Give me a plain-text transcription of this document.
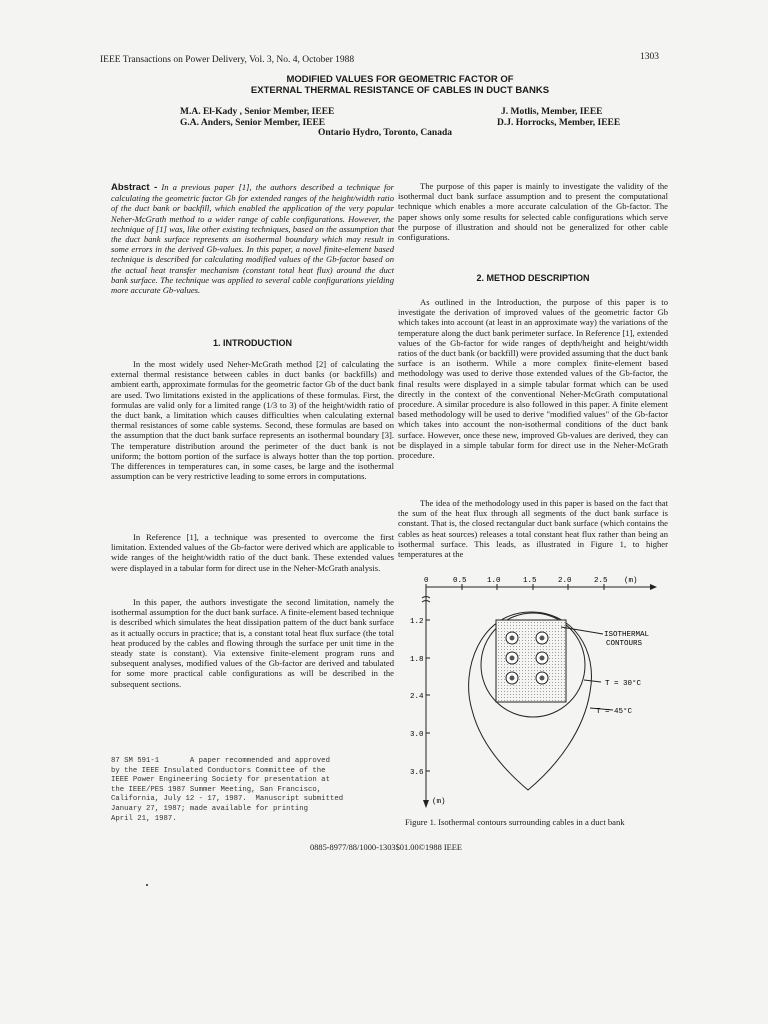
IEEE Transactions on Power Delivery, Vol. 3, No. 4, October 1988	1303
MODIFIED VALUES FOR GEOMETRIC FACTOR OF
EXTERNAL THERMAL RESISTANCE OF CABLES IN DUCT BANKS
M.A. El-Kady , Senior Member, IEEE
G.A. Anders, Senior Member, IEEE
J. Motlis, Member, IEEE
D.J. Horrocks, Member, IEEE
Ontario Hydro, Toronto, Canada
Abstract - In a previous paper [1], the authors described a technique for calculating the geometric factor Gb for extended ranges of the height/width ratio of the duct bank or backfill, which enabled the application of the very popular Neher-McGrath method to a wider range of cable configurations. However, the technique of [1] was, like other existing techniques, based on the assumption that the duct bank surface represents an isothermal boundary which may result in some errors in the derived Gb-values. In this paper, a novel finite-element based technique is described for calculating modified values of the Gb-factor based on the actual heat transfer mechanism (constant total heat flux) around the duct bank surface. The technique was applied to several cable configurations yielding more accurate Gb-values.
1. INTRODUCTION
In the most widely used Neher-McGrath method [2] of calculating the external thermal resistance between cables in duct banks (or backfills) and ambient earth, approximate formulas for the geometric factor Gb of the duct bank are used. Two limitations existed in the applications of these formulas. First, the formulas are valid only for a limited range (1/3 to 3) of the height/width ratio of the duct bank, a limitation which causes difficulties when calculating external thermal resistances of some cable systems. Second, these formulas are based on the assumption that the duct bank surface represents an isothermal boundary [3]. The temperature distribution around the perimeter of the duct bank is not uniform; the bottom portion of the surface is always hotter than the top portion. The differences in temperatures can, in some cases, be large and the isothermal assumption can be very restrictive leading to some errors in computations.
In Reference [1], a technique was presented to overcome the first limitation. Extended values of the Gb-factor were derived which are applicable to wide ranges of the height/width ratio of the duct bank. These extended values were displayed in a tabular form for direct use in the Neher-McGrath analysis.
In this paper, the authors investigate the second limitation, namely the isothermal assumption for the duct bank surface. A finite-element based technique is described which simulates the heat dissipation pattern of the duct bank surface as it actually occurs in practice; that is, a constant total heat flux surface (the total heat produced by the cables and flowing through the surface per unit time in the steady state is constant). Via extensive finite-element program runs and subsequent analyses, modified values of the Gb-factor are derived and tabulated for some more practical cable configurations as will be described in the subsequent sections.
87 SM 591-1       A paper recommended and approved
by the IEEE Insulated Conductors Committee of the
IEEE Power Engineering Society for presentation at
the IEEE/PES 1987 Summer Meeting, San Francisco,
California, July 12 - 17, 1987.  Manuscript submitted
January 27, 1987; made available for printing
April 21, 1987.
The purpose of this paper is mainly to investigate the validity of the isothermal duct bank surface assumption and to present the computational technique which enables a more accurate calculation of the Gb-factor. The paper shows only some results for selected cable configurations which serve the purpose of illustration and should not be generalized for other cable configurations.
2. METHOD DESCRIPTION
As outlined in the Introduction, the purpose of this paper is to investigate the derivation of improved values of the geometric factor Gb which takes into account (at least in an approximate way) the variations of the temperature along the duct bank perimeter surface. In Reference [1], extended values of the Gb-factor for wide ranges of depth/height and height/width ratios of the duct bank (or backfill) were provided assuming that the duct bank surface is an isotherm. While a more complex finite-element based methodology was used to derive those extended values of the Gb-factor, the final results were displayed in a simple tabular format which can be used directly in the context of the conventional Neher-McGrath computational procedure. A similar procedure is also followed in this paper. A finite element based methodology will be used to derive "modified values" of the Gb-factor which takes into account the non-isothermal conditions of the duct bank surface. However, once these new, improved Gb-values are derived, they can be displayed in a simple tabular form for direct use in the Neher-McGrath procedure.
The idea of the methodology used in this paper is based on the fact that the sum of the heat flux through all segments of the duct bank surface is constant. That is, the closed rectangular duct bank surface (which contains the cables as heat sources) releases a total constant heat flux rather than being an isothermal surface. This leads, as illustrated in Figure 1, to higher temperatures at the
0	0.5	1.0	1.5	2.0	2.5 (m)
1.2
1.8
2.4
3.0
3.6
(m)
ISOTHERMAL
CONTOURS
T = 30°C
T = 45°C
Figure 1. Isothermal contours surrounding cables in a duct bank
0885-8977/88/1000-1303$01.00©1988 IEEE
